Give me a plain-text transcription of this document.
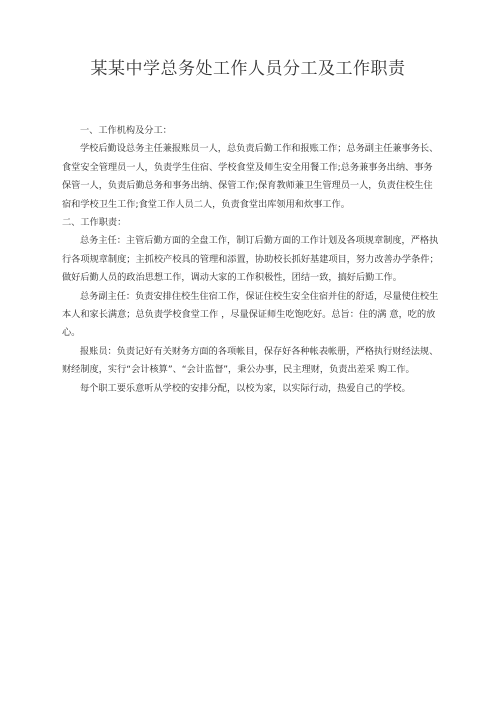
某某中学总务处工作人员分工及工作职责

一、工作机构及分工：

学校后勤设总务主任兼报账员一人，总负责后勤工作和报账工作；总务副主任兼事务长、食堂安全管理员一人，负责学生住宿、学校食堂及师生安全用餐工作;总务兼事务出纳、事务保管一人，负责后勤总务和事务出纳、保管工作;保育教师兼卫生管理员一人，负责住校生住宿和学校卫生工作;食堂工作人员二人，负责食堂出库领用和炊事工作。

二、工作职责：

总务主任：主管后勤方面的全盘工作，制订后勤方面的工作计划及各项规章制度，严格执行各项规章制度；主抓校产校具的管理和添置，协助校长抓好基建项目，努力改善办学条件；做好后勤人员的政治思想工作，调动大家的工作积极性，团结一致，搞好后勤工作。

总务副主任：负责安排住校生住宿工作，保证住校生安全住宿并住的舒适，尽量使住校生本人和家长满意；总负责学校食堂工作 ，尽量保证师生吃饱吃好。总旨：住的满 意，吃的放心。

报账员：负责记好有关财务方面的各项帐目，保存好各种帐表帐册，严格执行财经法规、财经制度，实行“会计核算”、“会计监督”，秉公办事，民主理财，负责出差采 购工作。

每个职工要乐意听从学校的安排分配，以校为家，以实际行动，热爱自己的学校。
